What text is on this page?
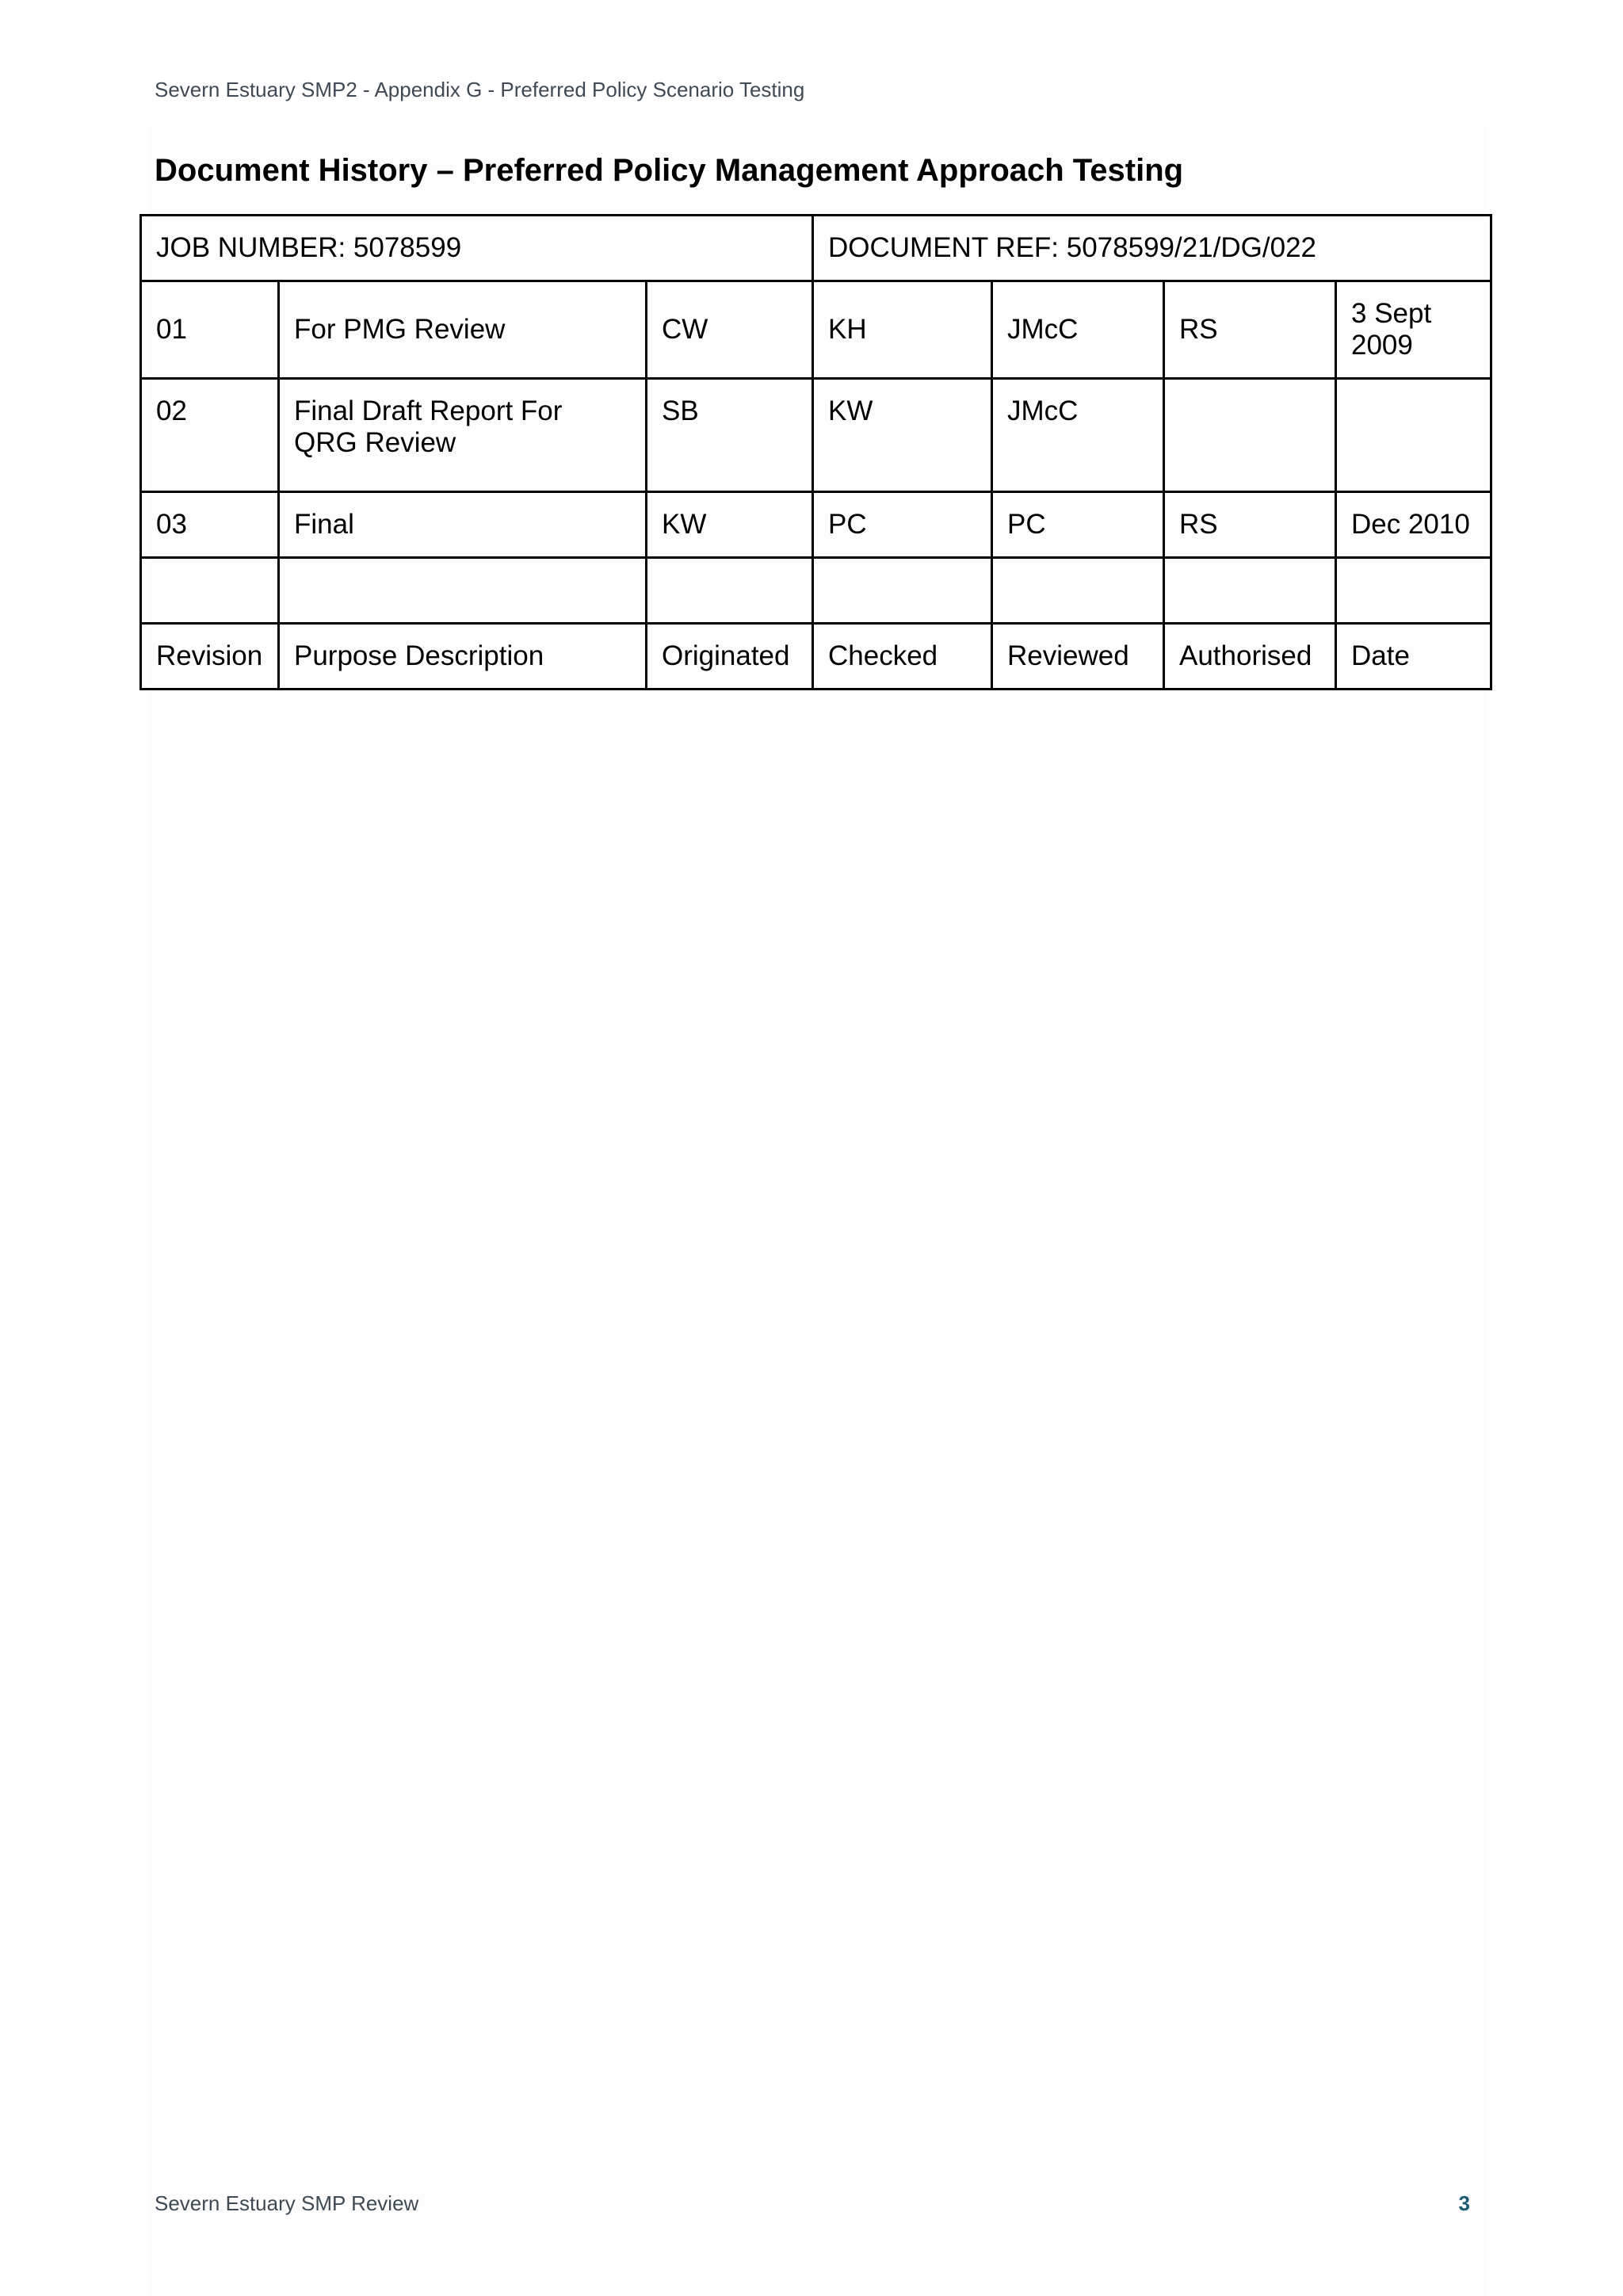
Severn Estuary SMP2 - Appendix G - Preferred Policy Scenario Testing
Document History – Preferred Policy Management Approach Testing
JOB NUMBER: 5078599			DOCUMENT REF: 5078599/21/DG/022			
01	For PMG Review	CW	KH	JMcC	RS	3 Sept 2009
02	Final Draft Report For QRG Review	SB	KW	JMcC		
03	Final	KW	PC	PC	RS	Dec 2010

Revision	Purpose Description	Originated	Checked	Reviewed	Authorised	Date
Severn Estuary SMP Review	3
